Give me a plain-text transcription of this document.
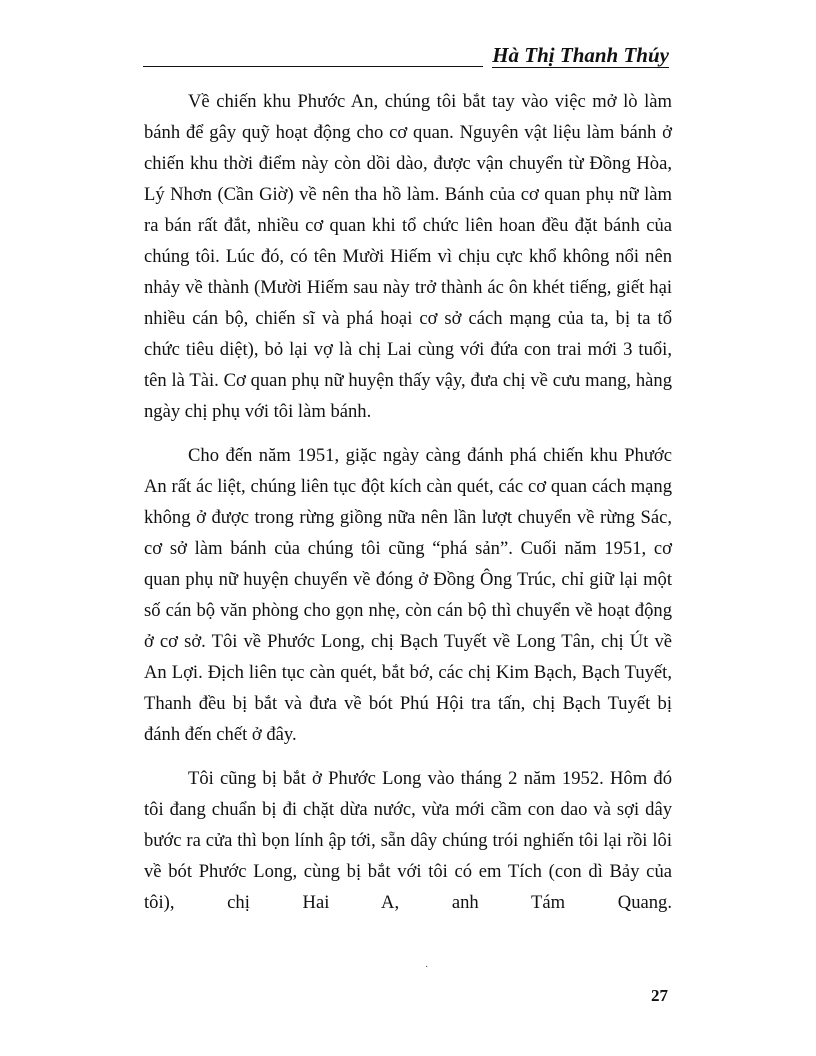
Hà Thị Thanh Thúy

Về chiến khu Phước An, chúng tôi bắt tay vào việc mở lò làm bánh để gây quỹ hoạt động cho cơ quan. Nguyên vật liệu làm bánh ở chiến khu thời điểm này còn dồi dào, được vận chuyển từ Đồng Hòa, Lý Nhơn (Cần Giờ) về nên tha hồ làm. Bánh của cơ quan phụ nữ làm ra bán rất đắt, nhiều cơ quan khi tổ chức liên hoan đều đặt bánh của chúng tôi. Lúc đó, có tên Mười Hiếm vì chịu cực khổ không nổi nên nhảy về thành (Mười Hiếm sau này trở thành ác ôn khét tiếng, giết hại nhiều cán bộ, chiến sĩ và phá hoại cơ sở cách mạng của ta, bị ta tổ chức tiêu diệt), bỏ lại vợ là chị Lai cùng với đứa con trai mới 3 tuổi, tên là Tài. Cơ quan phụ nữ huyện thấy vậy, đưa chị về cưu mang, hàng ngày chị phụ với tôi làm bánh.

Cho đến năm 1951, giặc ngày càng đánh phá chiến khu Phước An rất ác liệt, chúng liên tục đột kích càn quét, các cơ quan cách mạng không ở được trong rừng giồng nữa nên lần lượt chuyển về rừng Sác, cơ sở làm bánh của chúng tôi cũng “phá sản”. Cuối năm 1951, cơ quan phụ nữ huyện chuyển về đóng ở Đồng Ông Trúc, chỉ giữ lại một số cán bộ văn phòng cho gọn nhẹ, còn cán bộ thì chuyển về hoạt động ở cơ sở. Tôi về Phước Long, chị Bạch Tuyết về Long Tân, chị Út về An Lợi. Địch liên tục càn quét, bắt bớ, các chị Kim Bạch, Bạch Tuyết, Thanh đều bị bắt và đưa về bót Phú Hội tra tấn, chị Bạch Tuyết bị đánh đến chết ở đây.

Tôi cũng bị bắt ở Phước Long vào tháng 2 năm 1952. Hôm đó tôi đang chuẩn bị đi chặt dừa nước, vừa mới cầm con dao và sợi dây bước ra cửa thì bọn lính ập tới, sẵn dây chúng trói nghiến tôi lại rồi lôi về bót Phước Long, cùng bị bắt với tôi có em Tích (con dì Bảy của tôi), chị Hai A, anh Tám Quang.

·
27
